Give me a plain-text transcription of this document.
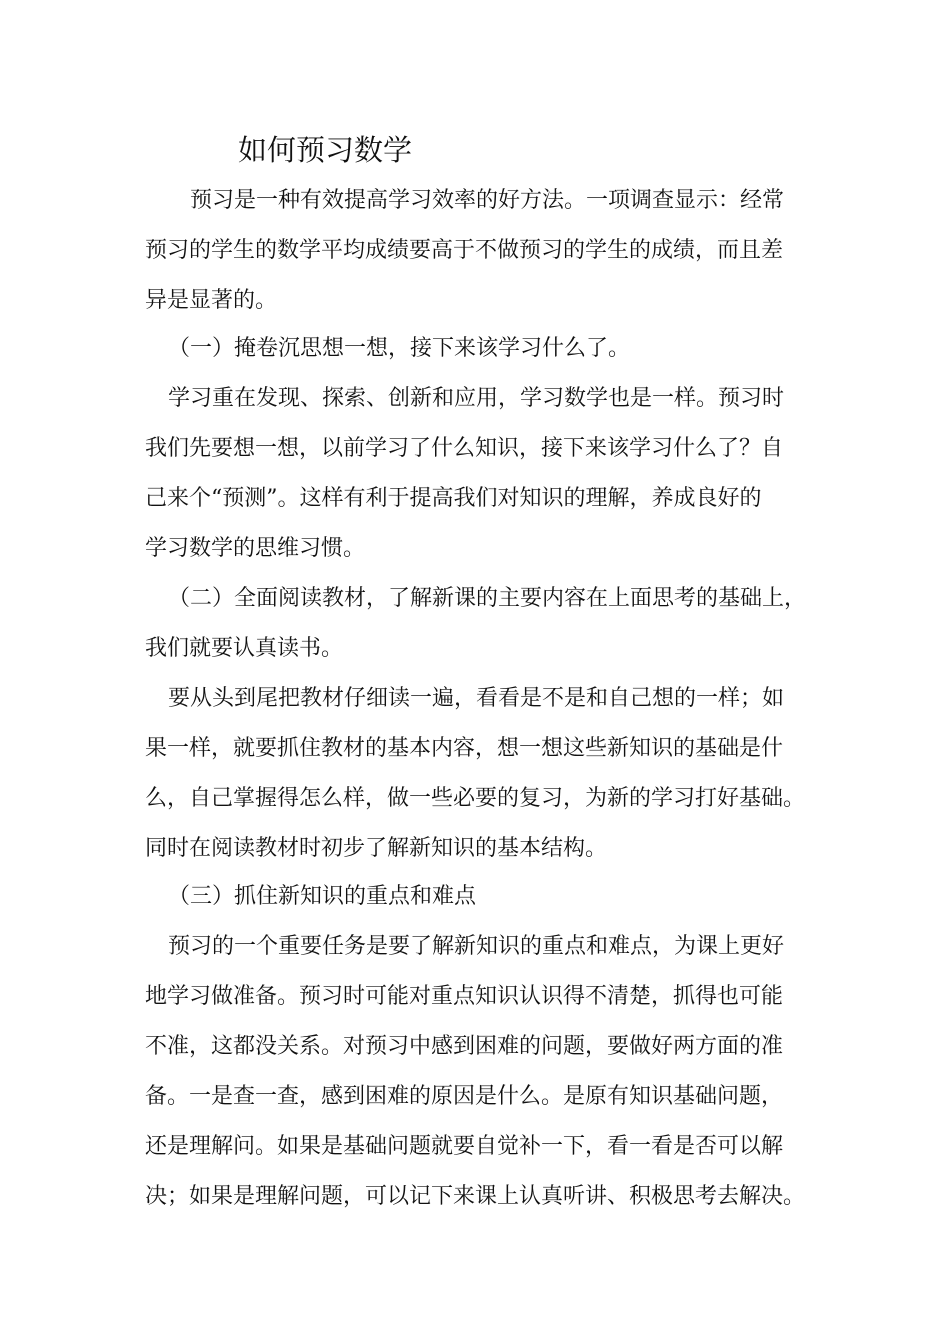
如何预习数学
预习是一种有效提高学习效率的好方法。一项调查显示：经常
预习的学生的数学平均成绩要高于不做预习的学生的成绩，而且差
异是显著的。
（一）掩卷沉思想一想，接下来该学习什么了。
学习重在发现、探索、创新和应用，学习数学也是一样。预习时
我们先要想一想，以前学习了什么知识，接下来该学习什么了？自
己来个“预测”。这样有利于提高我们对知识的理解，养成良好的
学习数学的思维习惯。
（二）全面阅读教材，了解新课的主要内容在上面思考的基础上，
我们就要认真读书。
要从头到尾把教材仔细读一遍，看看是不是和自己想的一样；如
果一样，就要抓住教材的基本内容，想一想这些新知识的基础是什
么，自己掌握得怎么样，做一些必要的复习，为新的学习打好基础。
同时在阅读教材时初步了解新知识的基本结构。
（三）抓住新知识的重点和难点
预习的一个重要任务是要了解新知识的重点和难点，为课上更好
地学习做准备。预习时可能对重点知识认识得不清楚，抓得也可能
不准，这都没关系。对预习中感到困难的问题，要做好两方面的准
备。一是查一查，感到困难的原因是什么。是原有知识基础问题，
还是理解问。如果是基础问题就要自觉补一下，看一看是否可以解
决；如果是理解问题，可以记下来课上认真听讲、积极思考去解决。
